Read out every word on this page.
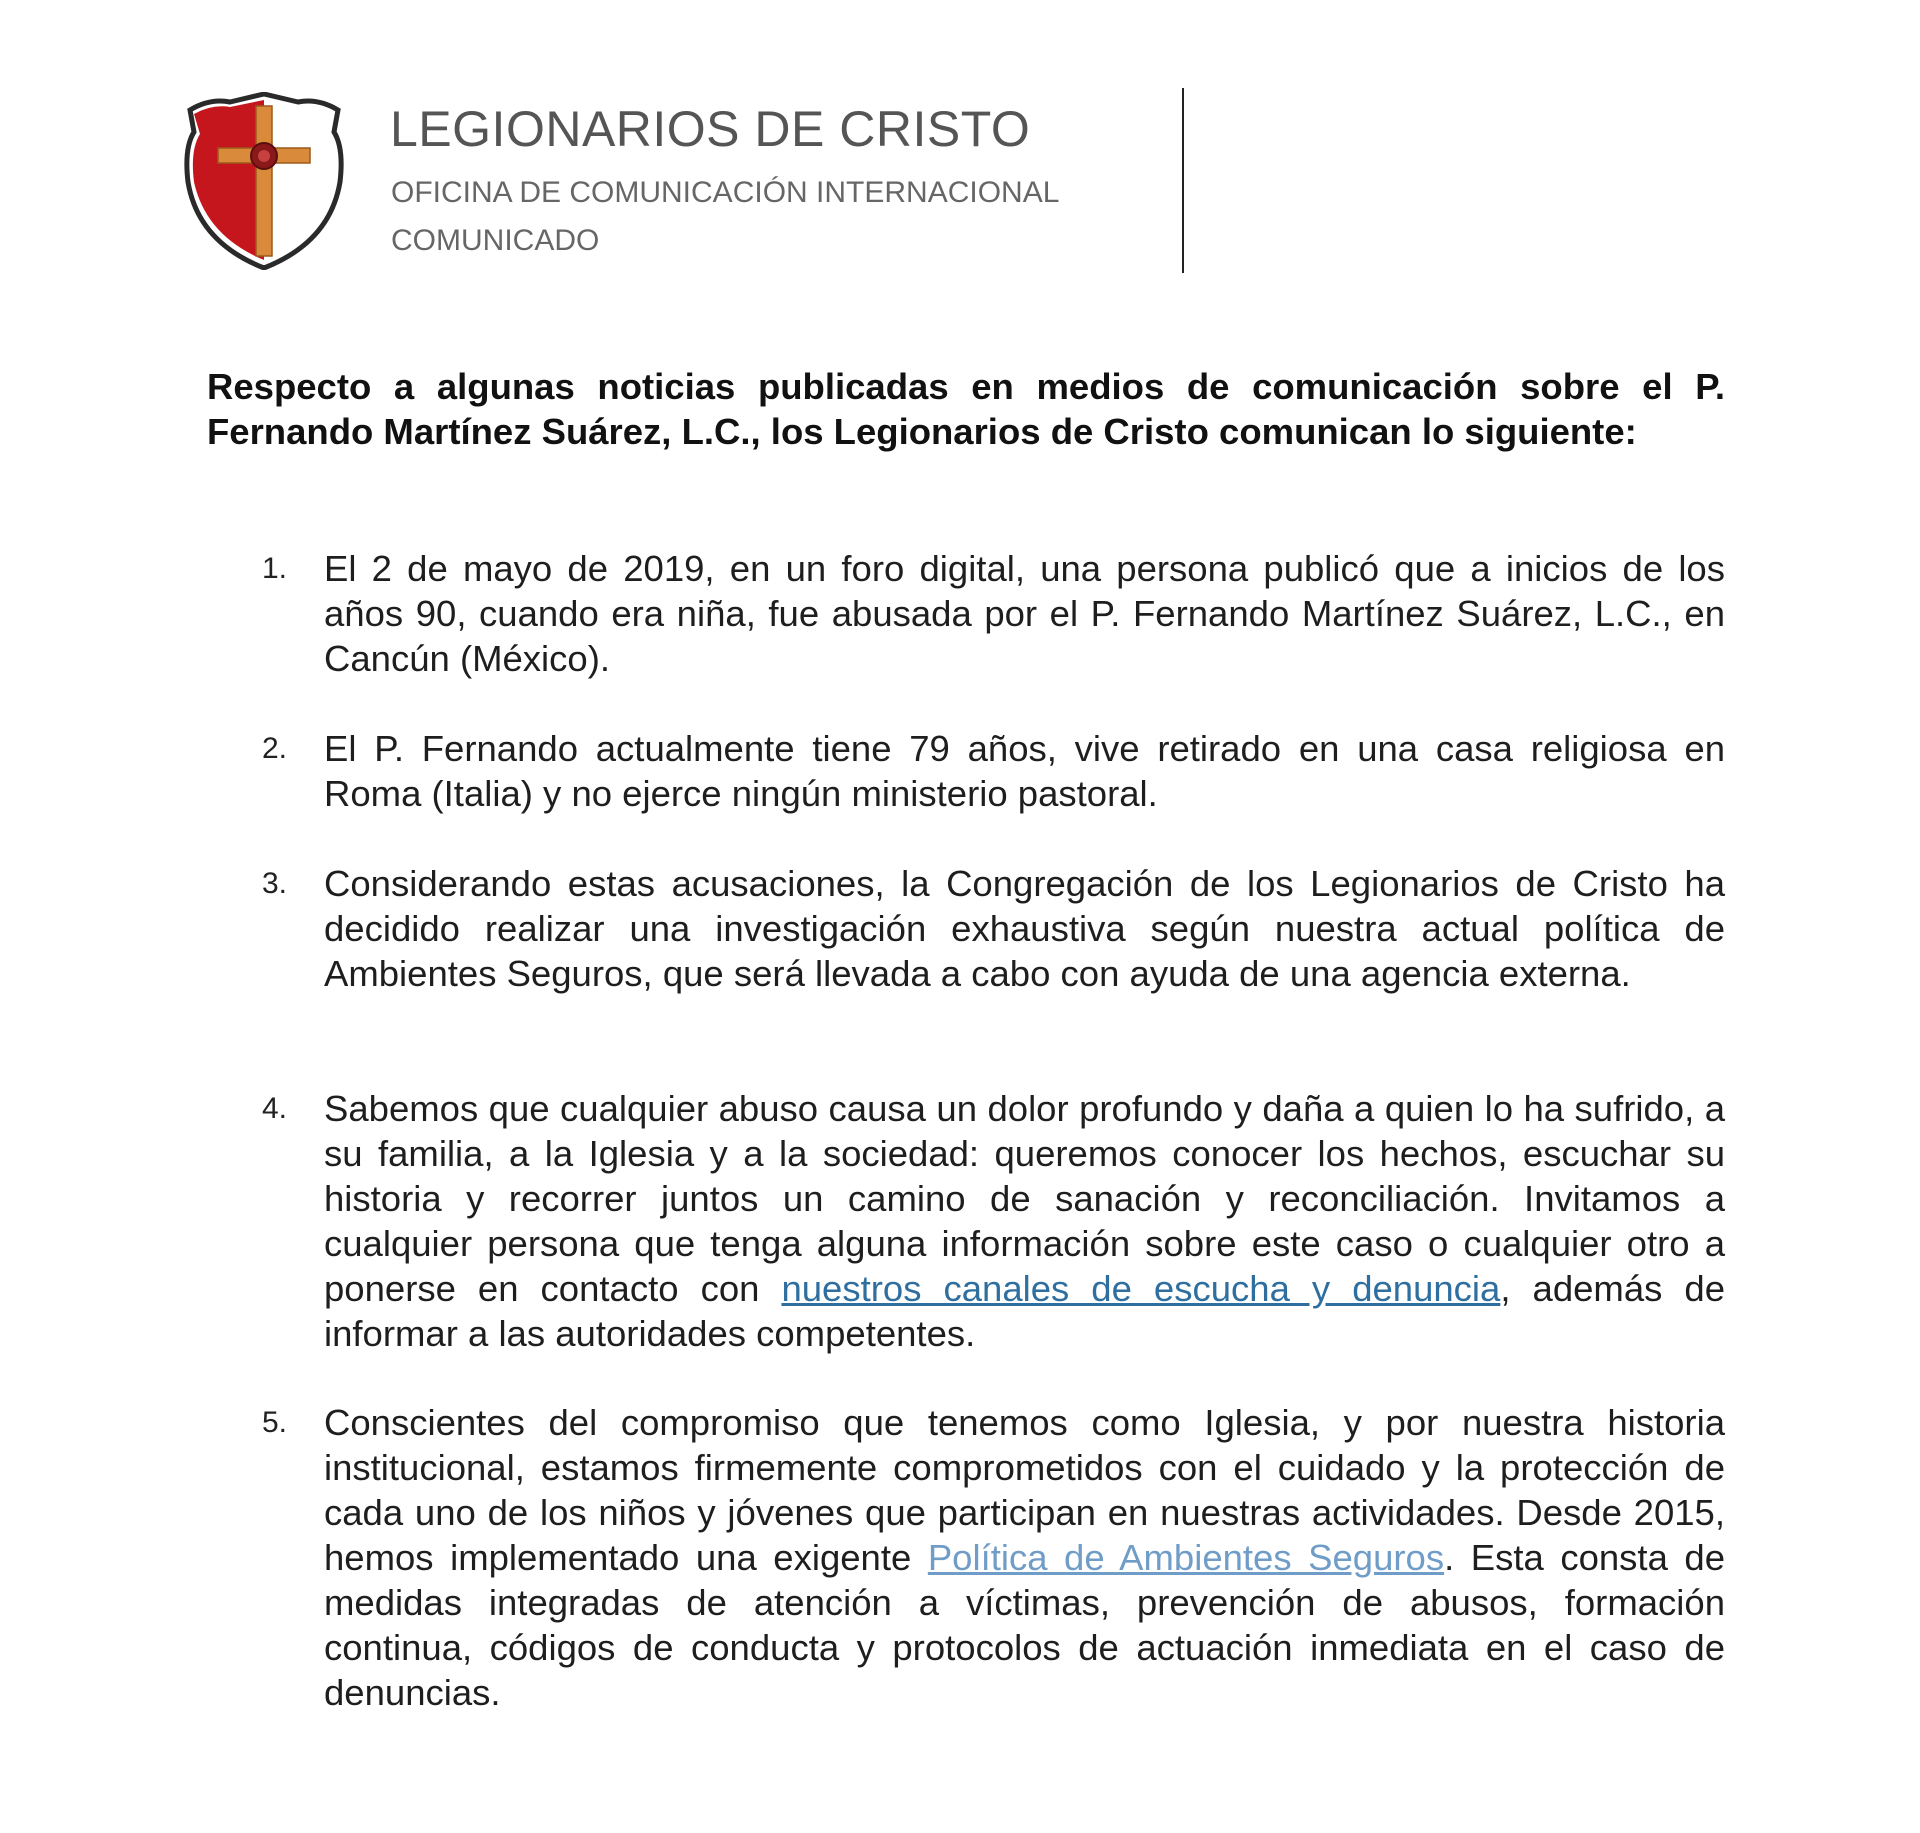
LEGIONARIOS DE CRISTO
OFICINA DE COMUNICACIÓN INTERNACIONAL
COMUNICADO
Respecto a algunas noticias publicadas en medios de comunicación sobre el P. Fernando Martínez Suárez, L.C., los Legionarios de Cristo comunican lo siguiente:
1.	El 2 de mayo de 2019, en un foro digital, una persona publicó que a inicios de los años 90, cuando era niña, fue abusada por el P. Fernando Martínez Suárez, L.C., en Cancún (México).
2.	El P. Fernando actualmente tiene 79 años, vive retirado en una casa religiosa en Roma (Italia) y no ejerce ningún ministerio pastoral.
3.	Considerando estas acusaciones, la Congregación de los Legionarios de Cristo ha decidido realizar una investigación exhaustiva según nuestra actual política de Ambientes Seguros, que será llevada a cabo con ayuda de una agencia externa.
4.	Sabemos que cualquier abuso causa un dolor profundo y daña a quien lo ha sufrido, a su familia, a la Iglesia y a la sociedad: queremos conocer los hechos, escuchar su historia y recorrer juntos un camino de sanación y reconciliación. Invitamos a cualquier persona que tenga alguna información sobre este caso o cualquier otro a ponerse en contacto con nuestros canales de escucha y denuncia, además de informar a las autoridades competentes.
5.	Conscientes del compromiso que tenemos como Iglesia, y por nuestra historia institucional, estamos firmemente comprometidos con el cuidado y la protección de cada uno de los niños y jóvenes que participan en nuestras actividades. Desde 2015, hemos implementado una exigente Política de Ambientes Seguros. Esta consta de medidas integradas de atención a víctimas, prevención de abusos, formación continua, códigos de conducta y protocolos de actuación inmediata en el caso de denuncias.
